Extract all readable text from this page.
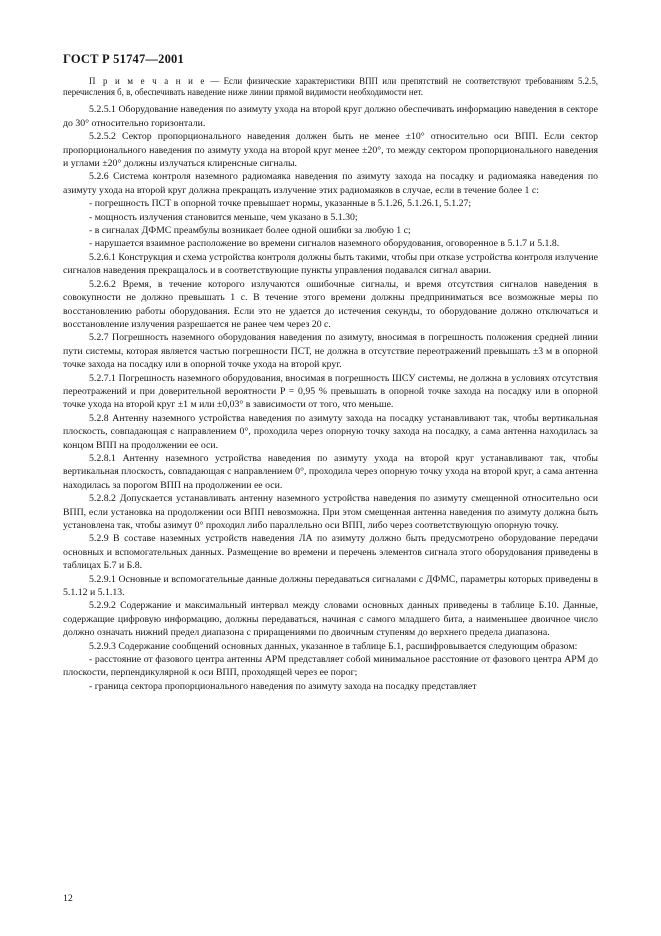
ГОСТ Р 51747—2001

П р и м е ч а н и е — Если физические характеристики ВПП или препятствий не соответствуют требованиям 5.2.5, перечисления б, в, обеспечивать наведение ниже линии прямой видимости необходимости нет.

5.2.5.1 Оборудование наведения по азимуту ухода на второй круг должно обеспечивать информацию наведения в секторе до 30° относительно горизонтали.

5.2.5.2 Сектор пропорционального наведения должен быть не менее ±10° относительно оси ВПП. Если сектор пропорционального наведения по азимуту ухода на второй круг менее ±20°, то между сектором пропорционального наведения и углами ±20° должны излучаться клиренсные сигналы.

5.2.6 Система контроля наземного радиомаяка наведения по азимуту захода на посадку и радиомаяка наведения по азимуту ухода на второй круг должна прекращать излучение этих радиомаяков в случае, если в течение более 1 с:

- погрешность ПСТ в опорной точке превышает нормы, указанные в 5.1.26, 5.1.26.1, 5.1.27;

- мощность излучения становится меньше, чем указано в 5.1.30;

- в сигналах ДФМС преамбулы возникает более одной ошибки за любую 1 с;

- нарушается взаимное расположение во времени сигналов наземного оборудования, оговоренное в 5.1.7 и 5.1.8.

5.2.6.1 Конструкция и схема устройства контроля должны быть такими, чтобы при отказе устройства контроля излучение сигналов наведения прекращалось и в соответствующие пункты управления подавался сигнал аварии.

5.2.6.2 Время, в течение которого излучаются ошибочные сигналы, и время отсутствия сигналов наведения в совокупности не должно превышать 1 с. В течение этого времени должны предприниматься все возможные меры по восстановлению работы оборудования. Если это не удается до истечения секунды, то оборудование должно отключаться и восстановление излучения разрешается не ранее чем через 20 с.

5.2.7 Погрешность наземного оборудования наведения по азимуту, вносимая в погрешность положения средней линии пути системы, которая является частью погрешности ПСТ, не должна в отсутствие переотражений превышать ±3 м в опорной точке захода на посадку или в опорной точке ухода на второй круг.

5.2.7.1 Погрешность наземного оборудования, вносимая в погрешность ШСУ системы, не должна в условиях отсутствия переотражений и при доверительной вероятности P = 0,95 % превышать в опорной точке захода на посадку или в опорной точке ухода на второй круг ±1 м или ±0,03° в зависимости от того, что меньше.

5.2.8 Антенну наземного устройства наведения по азимуту захода на посадку устанавливают так, чтобы вертикальная плоскость, совпадающая с направлением 0°, проходила через опорную точку захода на посадку, а сама антенна находилась за концом ВПП на продолжении ее оси.

5.2.8.1 Антенну наземного устройства наведения по азимуту ухода на второй круг устанавливают так, чтобы вертикальная плоскость, совпадающая с направлением 0°, проходила через опорную точку ухода на второй круг, а сама антенна находилась за порогом ВПП на продолжении ее оси.

5.2.8.2 Допускается устанавливать антенну наземного устройства наведения по азимуту смещенной относительно оси ВПП, если установка на продолжении оси ВПП невозможна. При этом смещенная антенна наведения по азимуту должна быть установлена так, чтобы азимут 0° проходил либо параллельно оси ВПП, либо через соответствующую опорную точку.

5.2.9 В составе наземных устройств наведения ЛА по азимуту должно быть предусмотрено оборудование передачи основных и вспомогательных данных. Размещение во времени и перечень элементов сигнала этого оборудования приведены в таблицах Б.7 и Б.8.

5.2.9.1 Основные и вспомогательные данные должны передаваться сигналами с ДФМС, параметры которых приведены в 5.1.12 и 5.1.13.

5.2.9.2 Содержание и максимальный интервал между словами основных данных приведены в таблице Б.10. Данные, содержащие цифровую информацию, должны передаваться, начиная с самого младшего бита, а наименьшее двоичное число должно означать нижний предел диапазона с приращениями по двоичным ступеням до верхнего предела диапазона.

5.2.9.3 Содержание сообщений основных данных, указанное в таблице Б.1, расшифровывается следующим образом:

- расстояние от фазового центра антенны АРМ представляет собой минимальное расстояние от фазового центра АРМ до плоскости, перпендикулярной к оси ВПП, проходящей через ее порог;

- граница сектора пропорционального наведения по азимуту захода на посадку представляет

12
